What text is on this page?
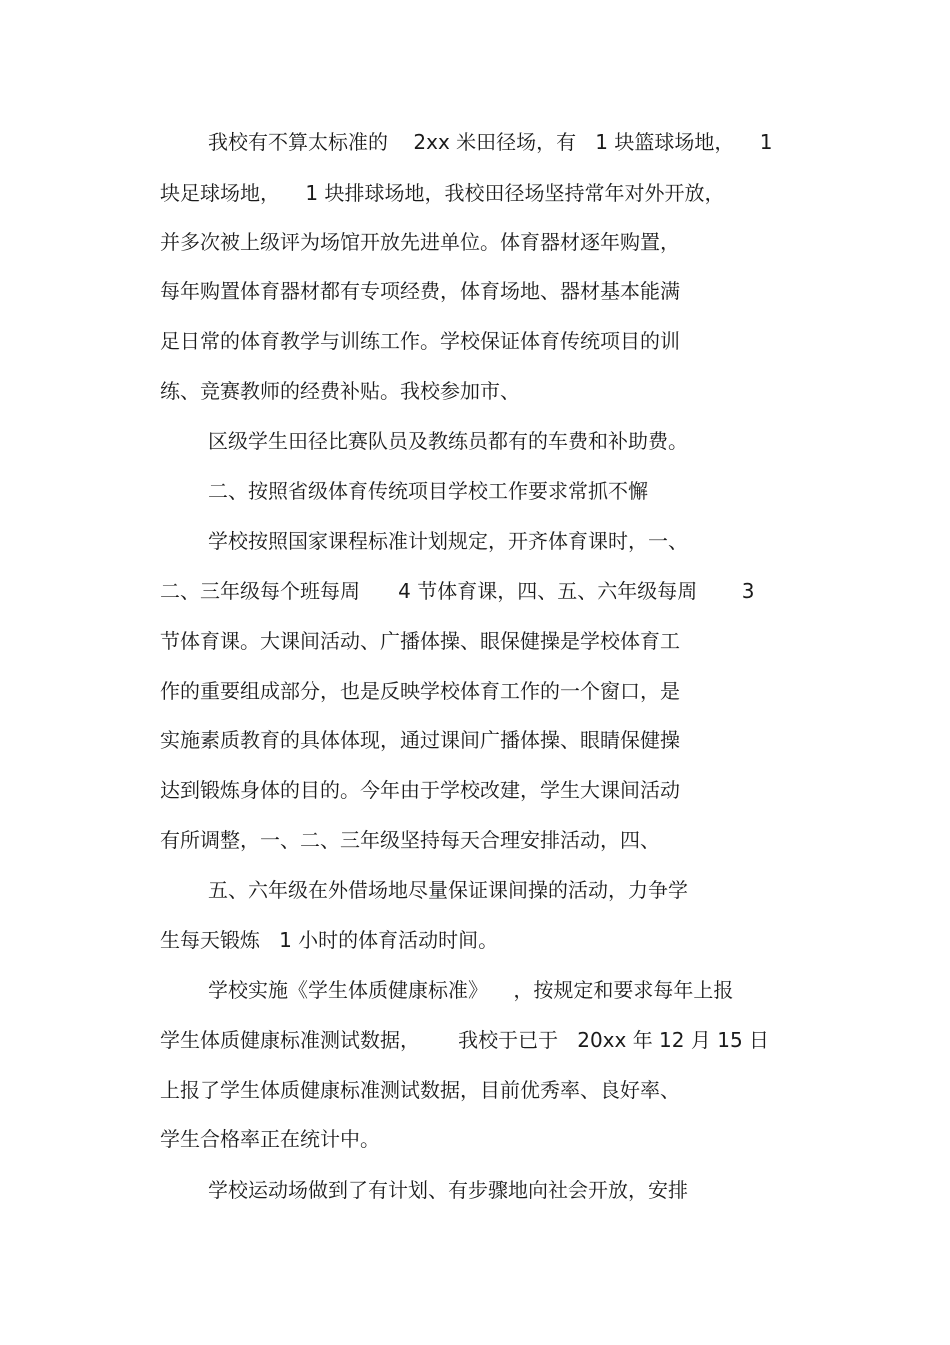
我校有不算太标准的    2xx 米田径场，有   1 块篮球场地，    1
块足球场地，    1 块排球场地，我校田径场坚持常年对外开放，
并多次被上级评为场馆开放先进单位。体育器材逐年购置，
每年购置体育器材都有专项经费，体育场地、器材基本能满
足日常的体育教学与训练工作。学校保证体育传统项目的训
练、竞赛教师的经费补贴。我校参加市、
区级学生田径比赛队员及教练员都有的车费和补助费。
二、按照省级体育传统项目学校工作要求常抓不懈
学校按照国家课程标准计划规定，开齐体育课时，一、
二、三年级每个班每周      4 节体育课，四、五、六年级每周       3
节体育课。大课间活动、广播体操、眼保健操是学校体育工
作的重要组成部分，也是反映学校体育工作的一个窗口，是
实施素质教育的具体体现，通过课间广播体操、眼睛保健操
达到锻炼身体的目的。今年由于学校改建，学生大课间活动
有所调整，一、二、三年级坚持每天合理安排活动，四、
五、六年级在外借场地尽量保证课间操的活动，力争学
生每天锻炼   1 小时的体育活动时间。
学校实施《学生体质健康标准》    ，按规定和要求每年上报
学生体质健康标准测试数据，      我校于已于   20xx 年 12 月 15 日
上报了学生体质健康标准测试数据，目前优秀率、良好率、
学生合格率正在统计中。
学校运动场做到了有计划、有步骤地向社会开放，安排
